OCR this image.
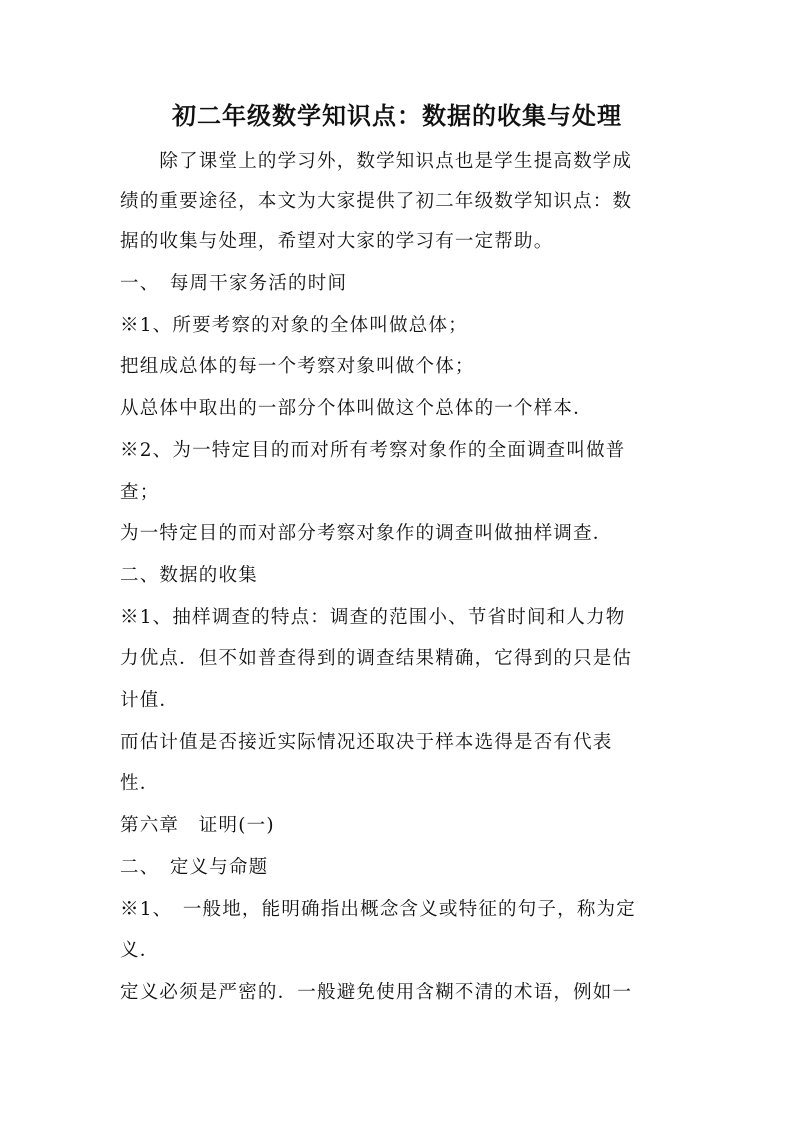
初二年级数学知识点：数据的收集与处理
　　除了课堂上的学习外，数学知识点也是学生提高数学成
绩的重要途径，本文为大家提供了初二年级数学知识点：数
据的收集与处理，希望对大家的学习有一定帮助。
一、　每周干家务活的时间
※1、所要考察的对象的全体叫做总体；
把组成总体的每一个考察对象叫做个体；
从总体中取出的一部分个体叫做这个总体的一个样本．
※2、为一特定目的而对所有考察对象作的全面调查叫做普
查；
为一特定目的而对部分考察对象作的调查叫做抽样调查．
二、数据的收集
※1、抽样调查的特点：调查的范围小、节省时间和人力物
力优点．但不如普查得到的调查结果精确，它得到的只是估
计值．
而估计值是否接近实际情况还取决于样本选得是否有代表
性．
第六章　证明(一)
二、　定义与命题
※1、　一般地，能明确指出概念含义或特征的句子，称为定
义．
定义必须是严密的．一般避免使用含糊不清的术语，例如一
